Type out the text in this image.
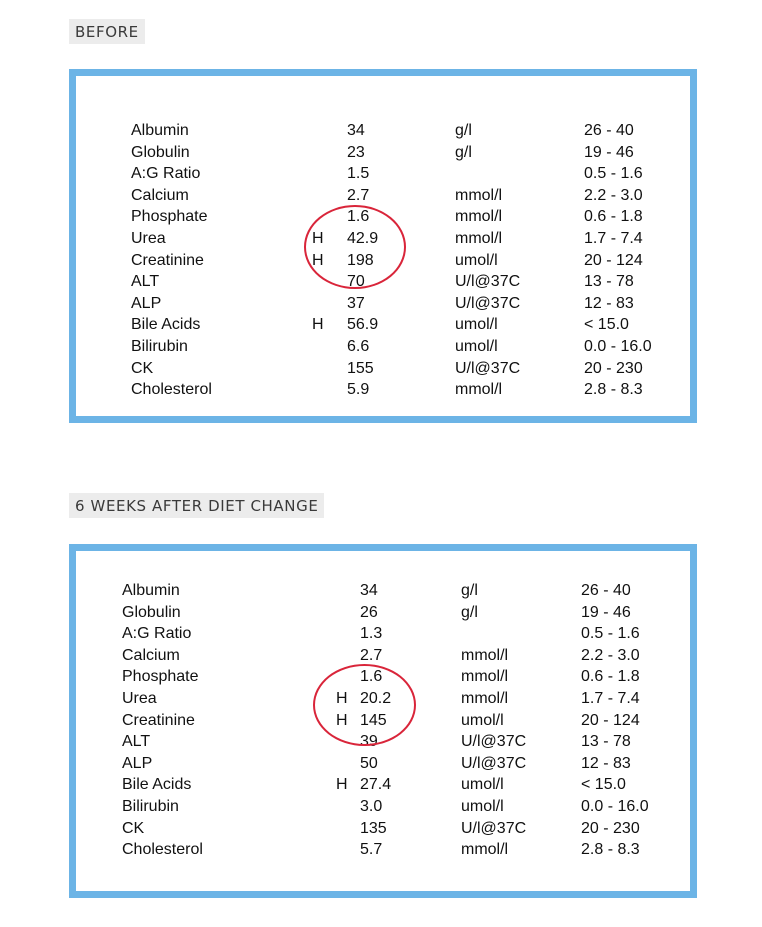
BEFORE
Albumin	34	g/l	26 - 40
Globulin	23	g/l	19 - 46
A:G Ratio	1.5	0.5 - 1.6
Calcium	2.7	mmol/l	2.2 - 3.0
Phosphate	1.6	mmol/l	0.6 - 1.8
Urea	H 42.9	mmol/l	1.7 - 7.4
Creatinine	H 198	umol/l	20 - 124
ALT	70	U/l@37C	13 - 78
ALP	37	U/l@37C	12 - 83
Bile Acids	H 56.9	umol/l	< 15.0
Bilirubin	6.6	umol/l	0.0 - 16.0
CK	155	U/l@37C	20 - 230
Cholesterol	5.9	mmol/l	2.8 - 8.3
6 WEEKS AFTER DIET CHANGE
Albumin	34	g/l	26 - 40
Globulin	26	g/l	19 - 46
A:G Ratio	1.3	0.5 - 1.6
Calcium	2.7	mmol/l	2.2 - 3.0
Phosphate	1.6	mmol/l	0.6 - 1.8
Urea	H 20.2	mmol/l	1.7 - 7.4
Creatinine	H 145	umol/l	20 - 124
ALT	39	U/l@37C	13 - 78
ALP	50	U/l@37C	12 - 83
Bile Acids	H 27.4	umol/l	< 15.0
Bilirubin	3.0	umol/l	0.0 - 16.0
CK	135	U/l@37C	20 - 230
Cholesterol	5.7	mmol/l	2.8 - 8.3
